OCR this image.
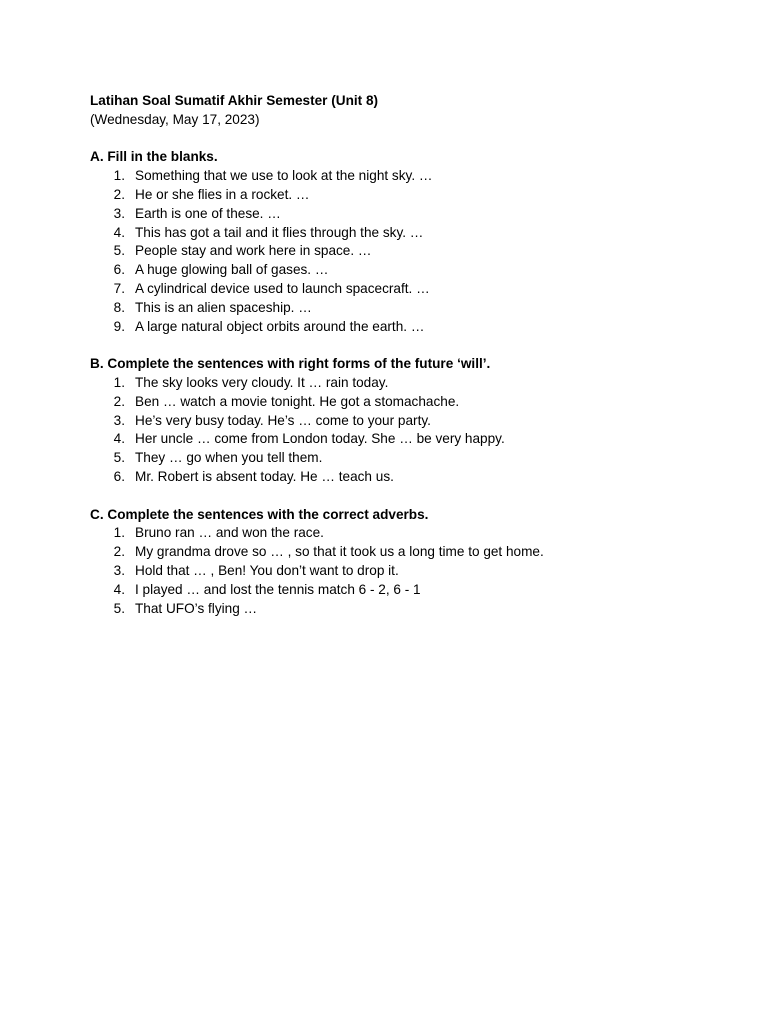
Latihan Soal Sumatif Akhir Semester (Unit 8)

(Wednesday, May 17, 2023)

A. Fill in the blanks.

1. Something that we use to look at the night sky. …
2. He or she flies in a rocket. …
3. Earth is one of these. …
4. This has got a tail and it flies through the sky. …
5. People stay and work here in space. …
6. A huge glowing ball of gases. …
7. A cylindrical device used to launch spacecraft. …
8. This is an alien spaceship. …
9. A large natural object orbits around the earth. …

B. Complete the sentences with right forms of the future ‘will’.

1. The sky looks very cloudy. It … rain today.
2. Ben … watch a movie tonight. He got a stomachache.
3. He’s very busy today. He’s … come to your party.
4. Her uncle … come from London today. She … be very happy.
5. They … go when you tell them.
6. Mr. Robert is absent today. He … teach us.

C. Complete the sentences with the correct adverbs.

1. Bruno ran … and won the race.
2. My grandma drove so … , so that it took us a long time to get home.
3. Hold that … , Ben! You don’t want to drop it.
4. I played … and lost the tennis match 6 - 2, 6 - 1
5. That UFO’s flying …
